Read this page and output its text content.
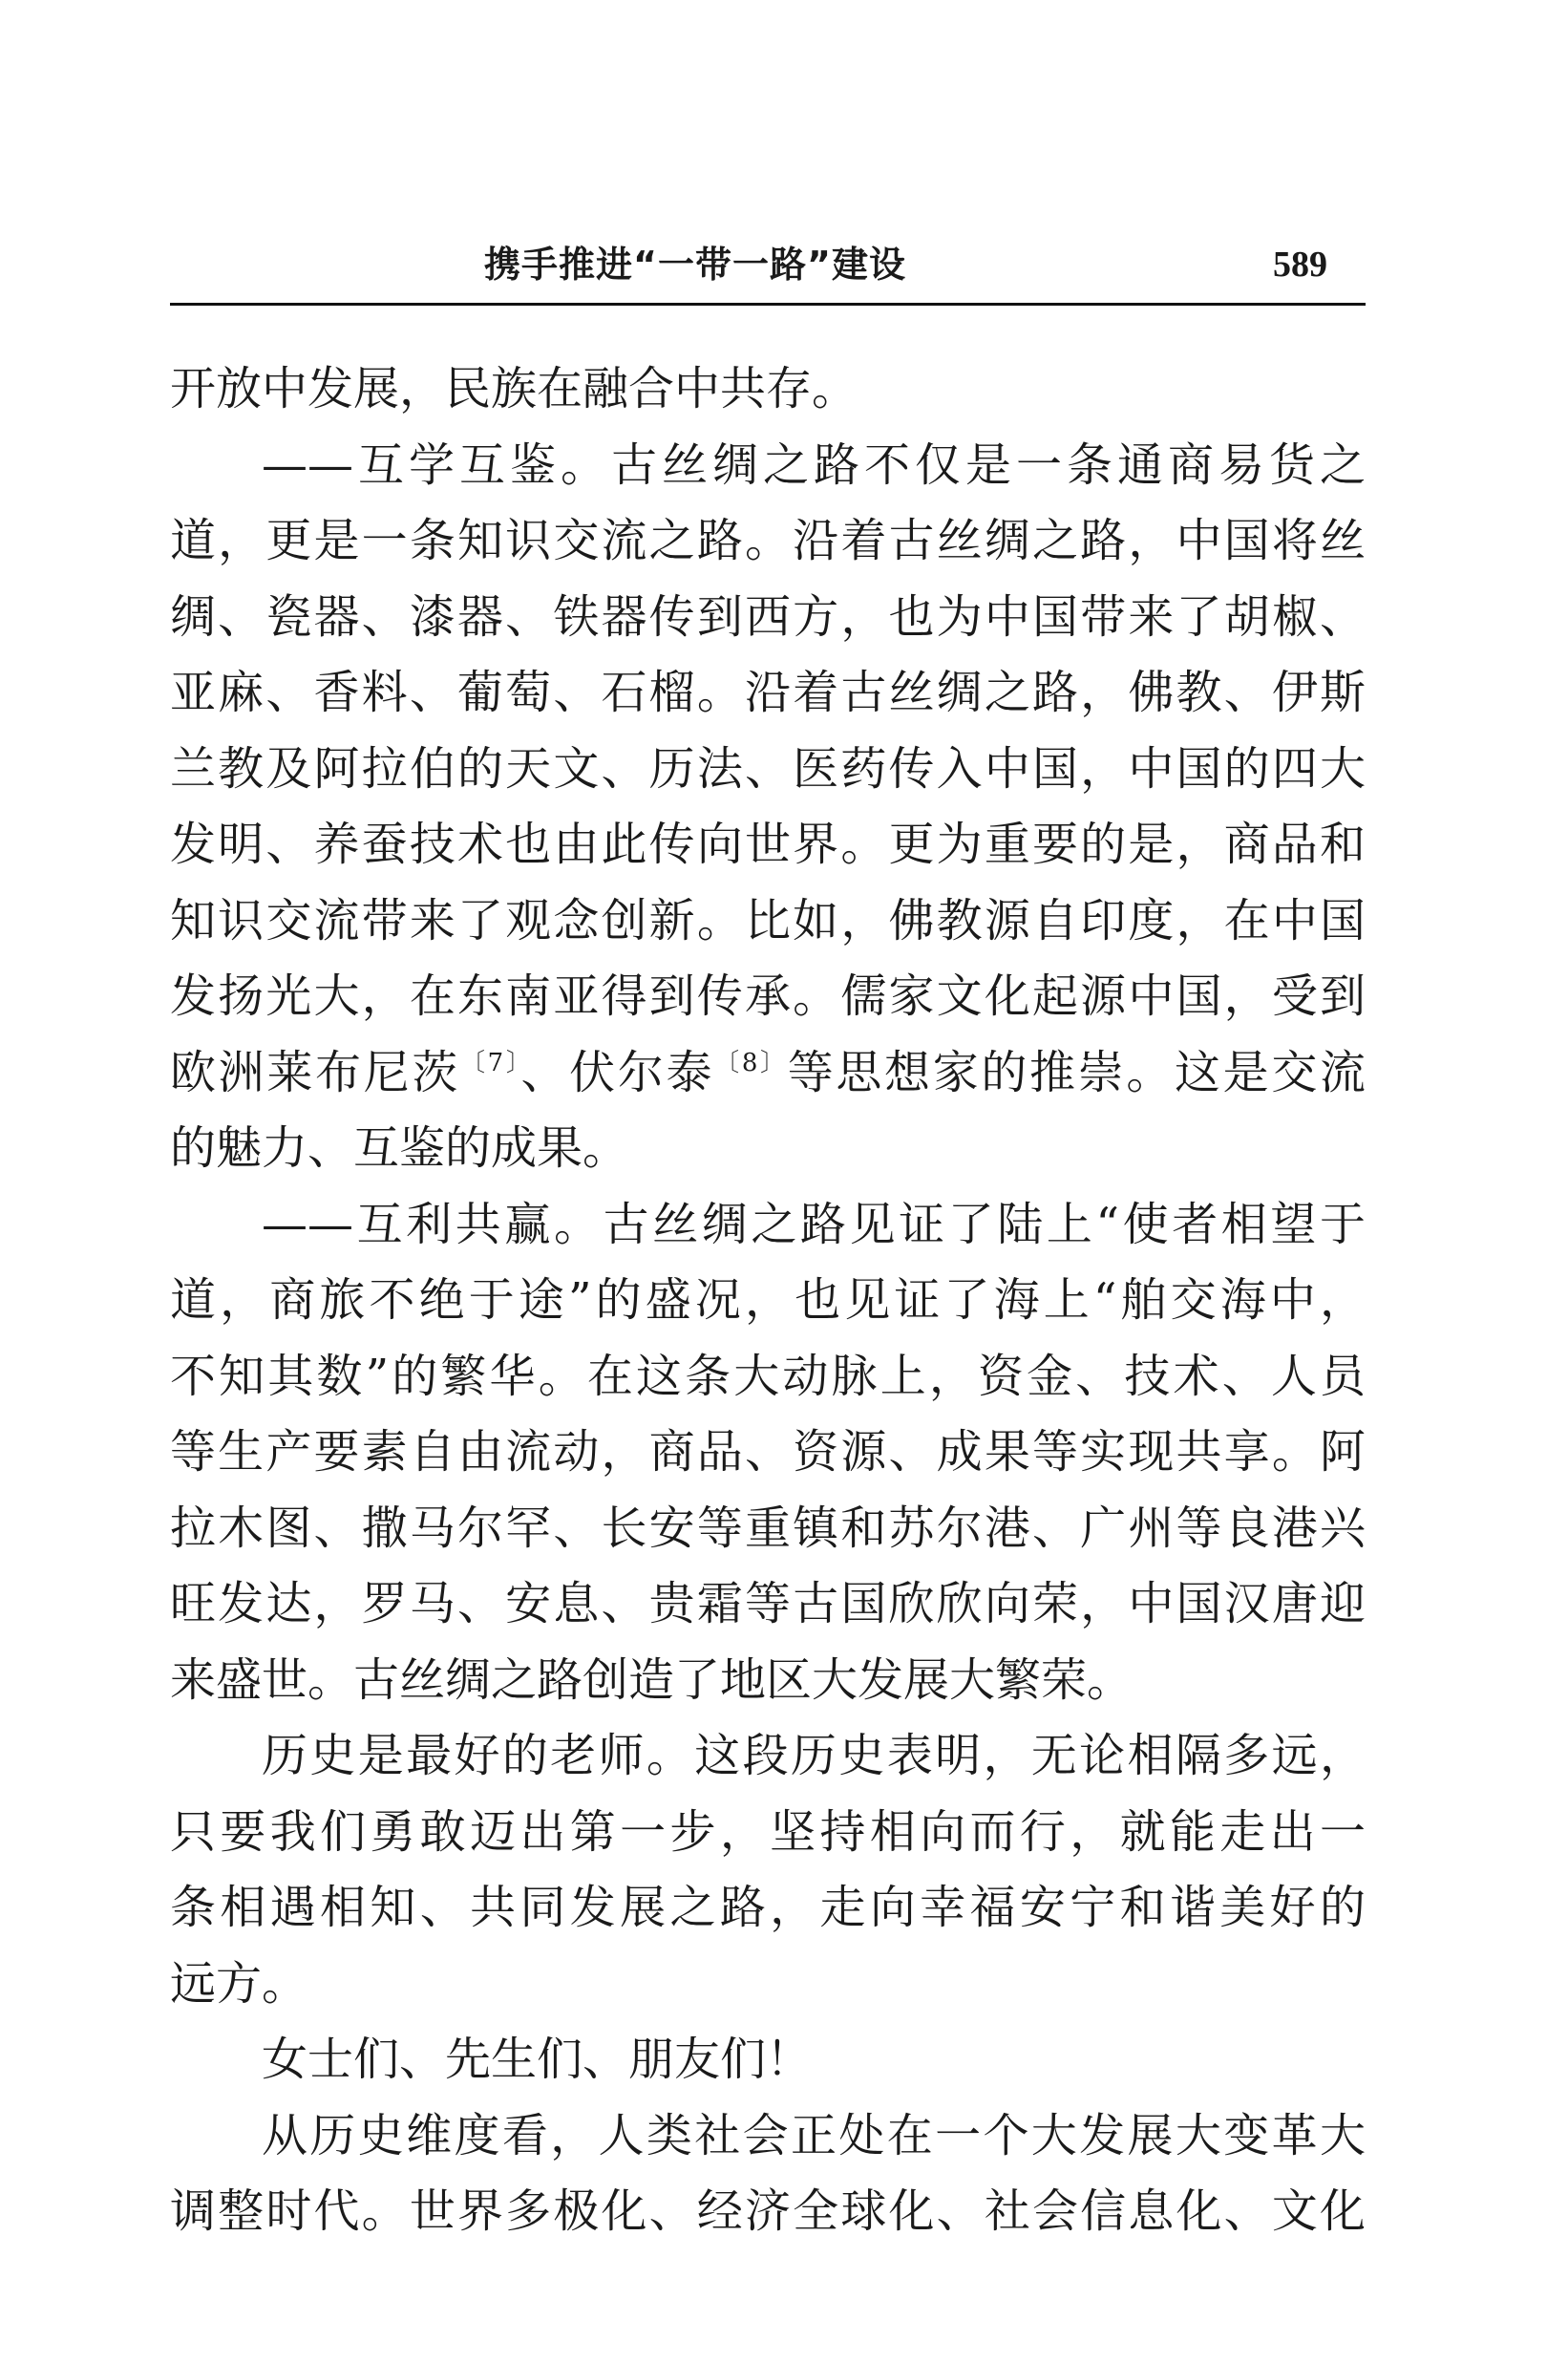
携手推进“一带一路”建设	589
开放中发展，民族在融合中共存。
——互学互鉴。古丝绸之路不仅是一条通商易货之
道，更是一条知识交流之路。沿着古丝绸之路，中国将丝
绸、瓷器、漆器、铁器传到西方，也为中国带来了胡椒、
亚麻、香料、葡萄、石榴。沿着古丝绸之路，佛教、伊斯
兰教及阿拉伯的天文、历法、医药传入中国，中国的四大
发明、养蚕技术也由此传向世界。更为重要的是，商品和
知识交流带来了观念创新。比如，佛教源自印度，在中国
发扬光大，在东南亚得到传承。儒家文化起源中国，受到
欧洲莱布尼茨$^{〔7〕}$、伏尔泰$^{〔8〕}$等思想家的推崇。这是交流
的魅力、互鉴的成果。
——互利共赢。古丝绸之路见证了陆上“使者相望于
道，商旅不绝于途”的盛况，也见证了海上“舶交海中，
不知其数”的繁华。在这条大动脉上，资金、技术、人员
等生产要素自由流动，商品、资源、成果等实现共享。阿
拉木图、撒马尔罕、长安等重镇和苏尔港、广州等良港兴
旺发达，罗马、安息、贵霜等古国欣欣向荣，中国汉唐迎
来盛世。古丝绸之路创造了地区大发展大繁荣。
历史是最好的老师。这段历史表明，无论相隔多远，
只要我们勇敢迈出第一步，坚持相向而行，就能走出一
条相遇相知、共同发展之路，走向幸福安宁和谐美好的
远方。
女士们、先生们、朋友们！
从历史维度看，人类社会正处在一个大发展大变革大
调整时代。世界多极化、经济全球化、社会信息化、文化
